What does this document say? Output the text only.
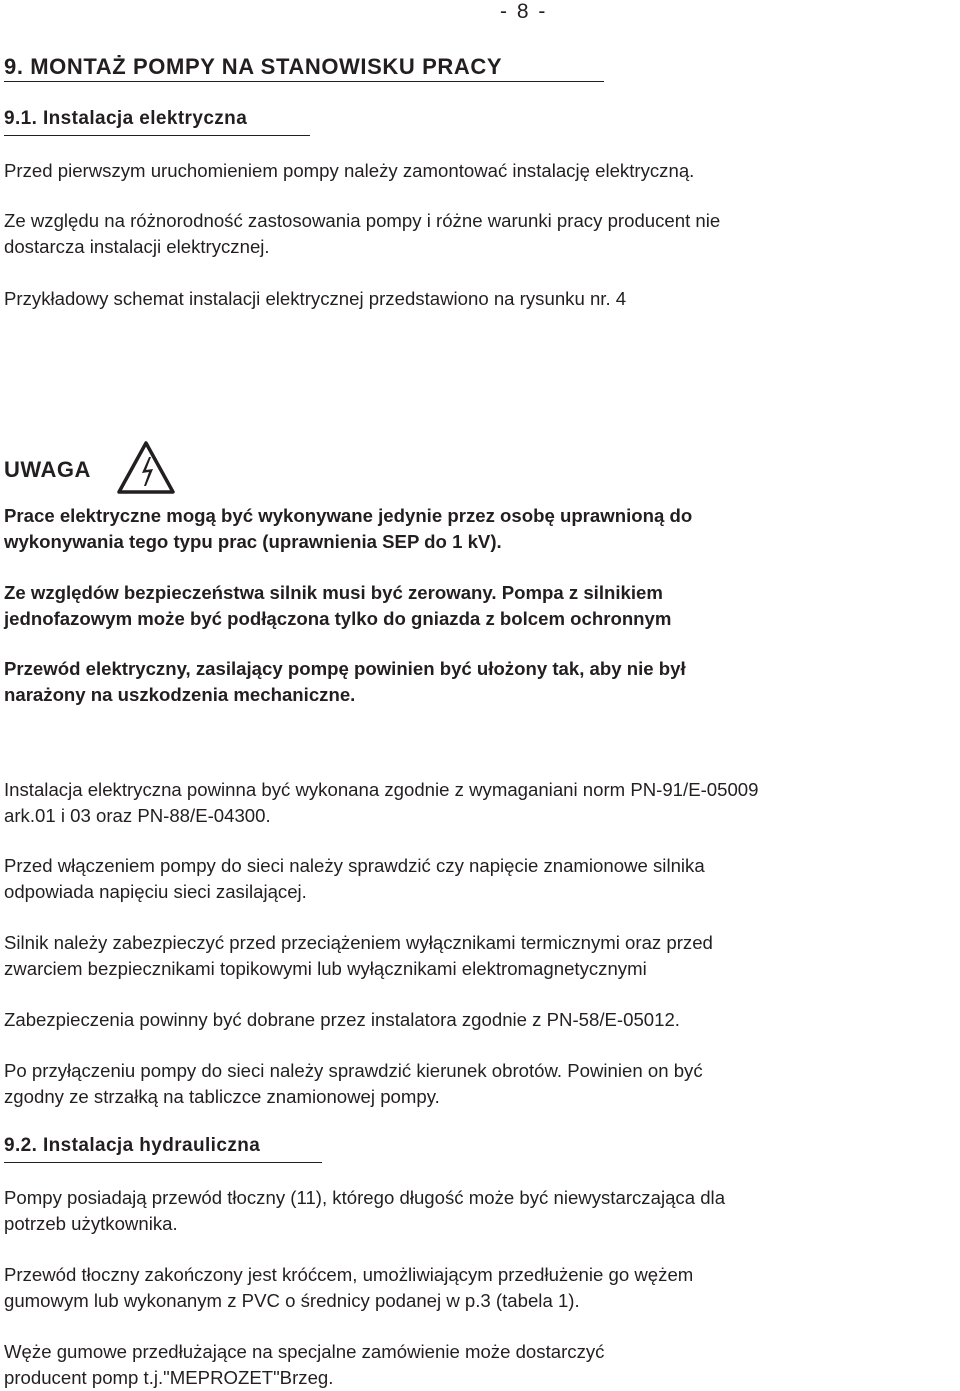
- 8 -
9. MONTAŻ POMPY NA STANOWISKU PRACY
9.1. Instalacja elektryczna
Przed pierwszym uruchomieniem pompy należy zamontować instalację elektryczną.
Ze względu na różnorodność zastosowania pompy i różne warunki pracy producent nie
dostarcza instalacji elektrycznej.
Przykładowy schemat instalacji elektrycznej przedstawiono na rysunku nr. 4
UWAGA
Prace elektryczne mogą być wykonywane jedynie przez osobę uprawnioną do
wykonywania tego typu prac (uprawnienia SEP do 1 kV).
Ze względów bezpieczeństwa silnik musi być zerowany. Pompa z silnikiem
jednofazowym może być podłączona tylko do gniazda z bolcem ochronnym
Przewód elektryczny, zasilający pompę powinien być ułożony tak, aby nie był
narażony na uszkodzenia mechaniczne.
Instalacja elektryczna powinna być wykonana zgodnie z wymaganiani norm PN-91/E-05009
ark.01 i 03 oraz PN-88/E-04300.
Przed włączeniem pompy do sieci należy sprawdzić czy napięcie znamionowe silnika
odpowiada napięciu sieci zasilającej.
Silnik należy zabezpieczyć przed przeciążeniem wyłącznikami termicznymi oraz przed
zwarciem bezpiecznikami topikowymi lub wyłącznikami elektromagnetycznymi
Zabezpieczenia powinny być dobrane przez instalatora zgodnie z PN-58/E-05012.
Po przyłączeniu pompy do sieci należy sprawdzić kierunek obrotów. Powinien on być
zgodny ze strzałką na tabliczce znamionowej pompy.
9.2. Instalacja hydrauliczna
Pompy posiadają przewód tłoczny (11), którego długość może być niewystarczająca dla
potrzeb użytkownika.
Przewód tłoczny zakończony jest króćcem, umożliwiającym przedłużenie go wężem
gumowym lub wykonanym z PVC o średnicy podanej w p.3 (tabela 1).
Węże gumowe przedłużające na specjalne zamówienie może dostarczyć
producent pomp t.j."MEPROZET"Brzeg.
